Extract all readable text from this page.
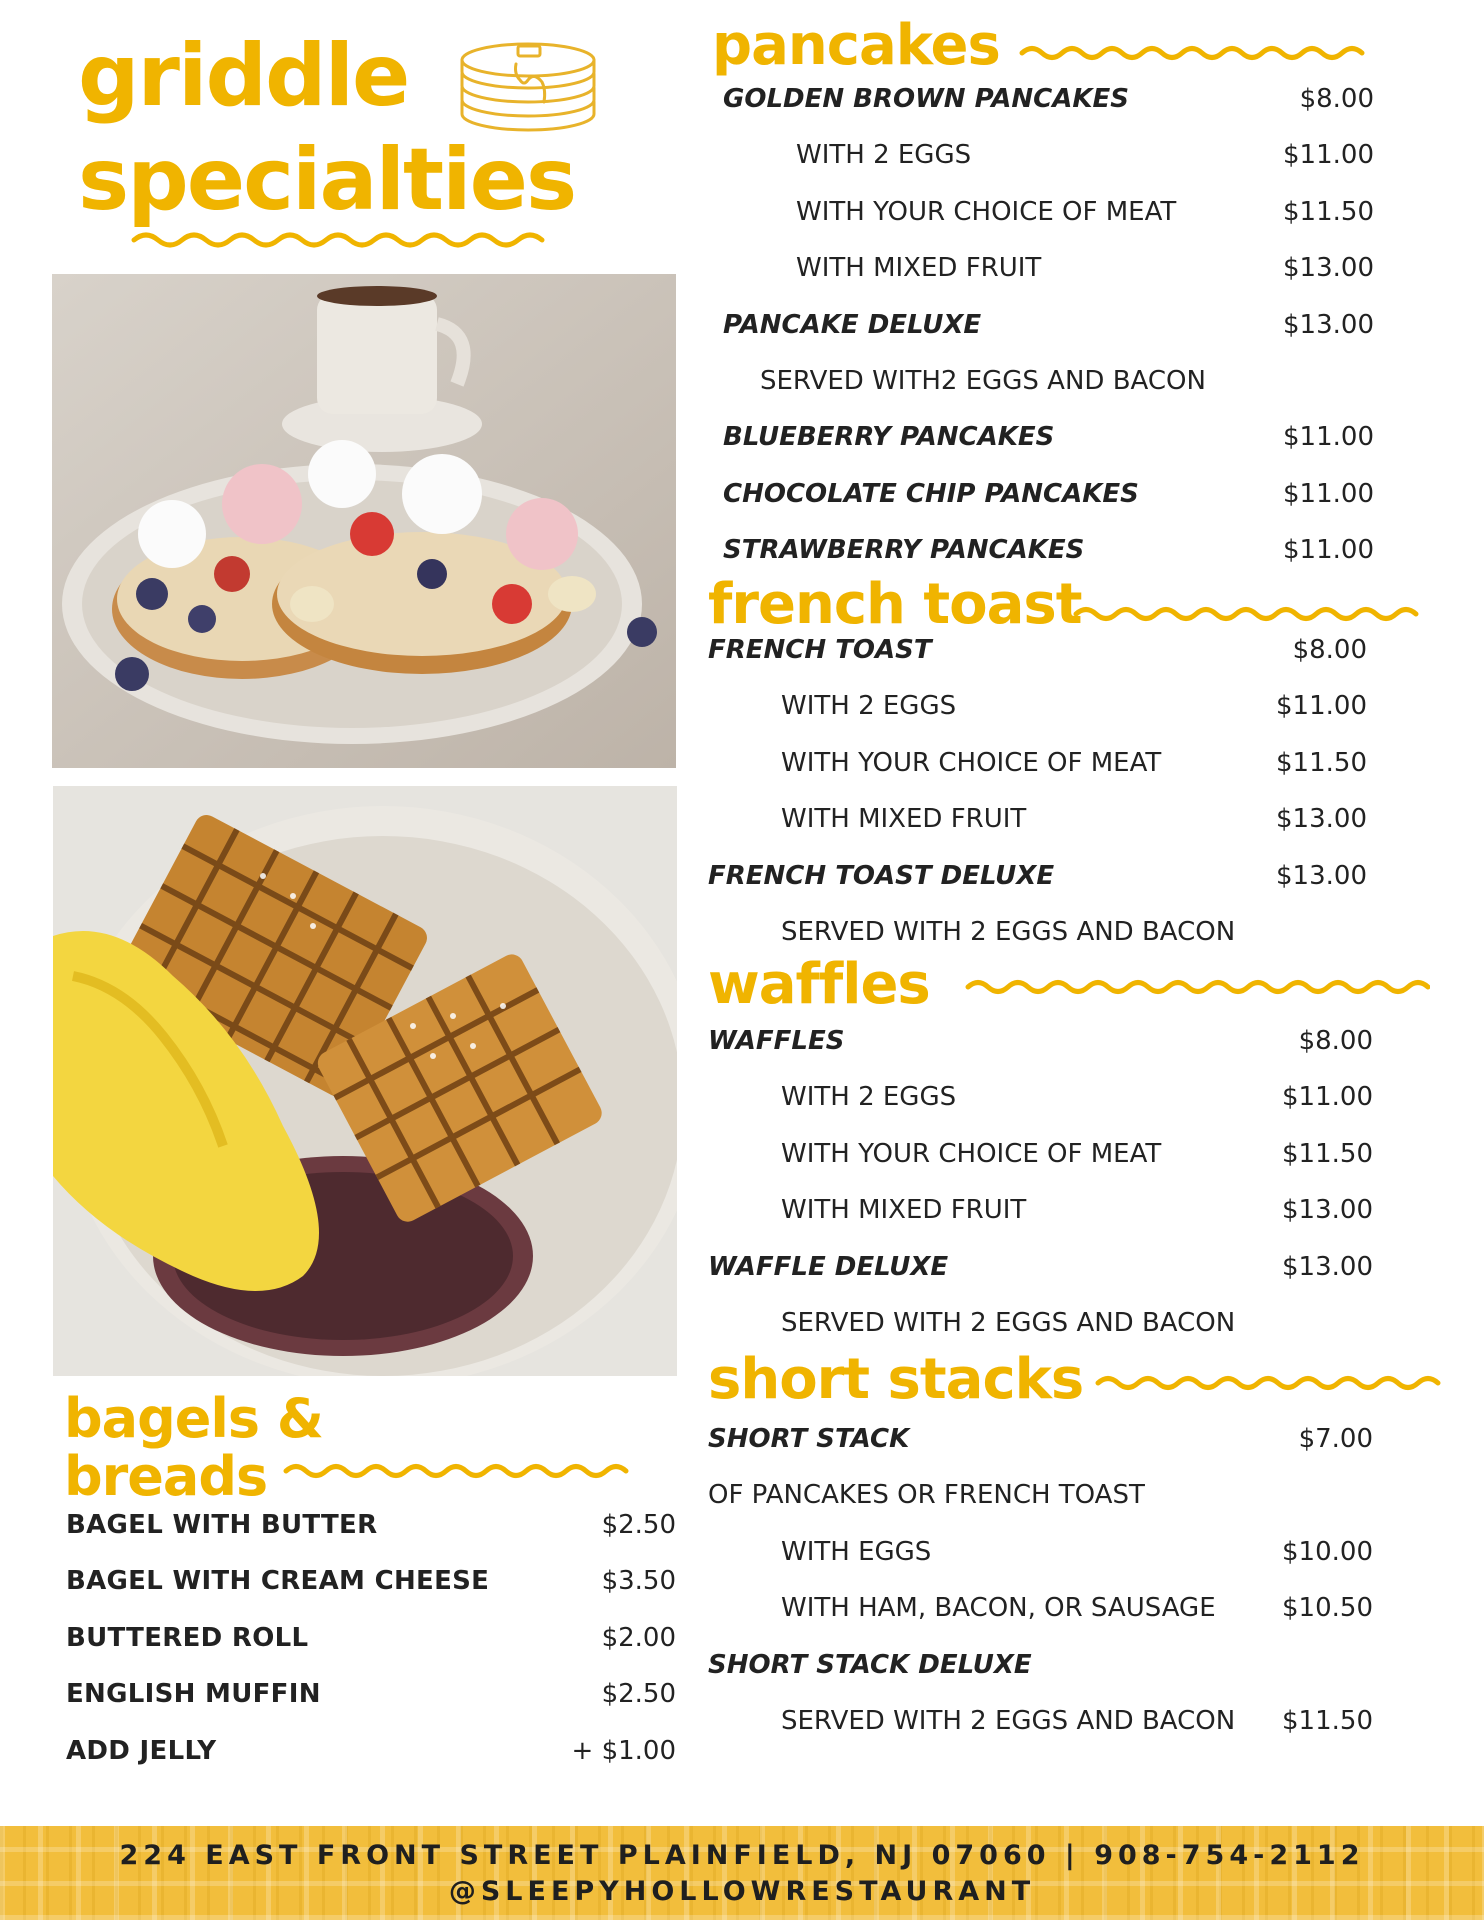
griddle
specialties
bagels &
breads
BAGEL WITH BUTTER	$2.50
BAGEL WITH CREAM CHEESE	$3.50
BUTTERED ROLL	$2.00
ENGLISH MUFFIN	$2.50
ADD JELLY	+ $1.00
pancakes
GOLDEN BROWN PANCAKES	$8.00
WITH 2 EGGS	$11.00
WITH YOUR CHOICE OF MEAT	$11.50
WITH MIXED FRUIT	$13.00
PANCAKE DELUXE	$13.00
SERVED WITH2 EGGS AND BACON
BLUEBERRY PANCAKES	$11.00
CHOCOLATE CHIP PANCAKES	$11.00
STRAWBERRY PANCAKES	$11.00
french toast
FRENCH TOAST	$8.00
WITH 2 EGGS	$11.00
WITH YOUR CHOICE OF MEAT	$11.50
WITH MIXED FRUIT	$13.00
FRENCH TOAST DELUXE	$13.00
SERVED WITH 2 EGGS AND BACON
waffles
WAFFLES	$8.00
WITH 2 EGGS	$11.00
WITH YOUR CHOICE OF MEAT	$11.50
WITH MIXED FRUIT	$13.00
WAFFLE DELUXE	$13.00
SERVED WITH 2 EGGS AND BACON
short stacks
SHORT STACK	$7.00
OF PANCAKES OR FRENCH TOAST
WITH EGGS	$10.00
WITH HAM, BACON, OR SAUSAGE	$10.50
SHORT STACK DELUXE
SERVED WITH 2 EGGS AND BACON $11.50
224 EAST FRONT STREET PLAINFIELD, NJ 07060 | 908-754-2112
@SLEEPYHOLLOWRESTAURANT
